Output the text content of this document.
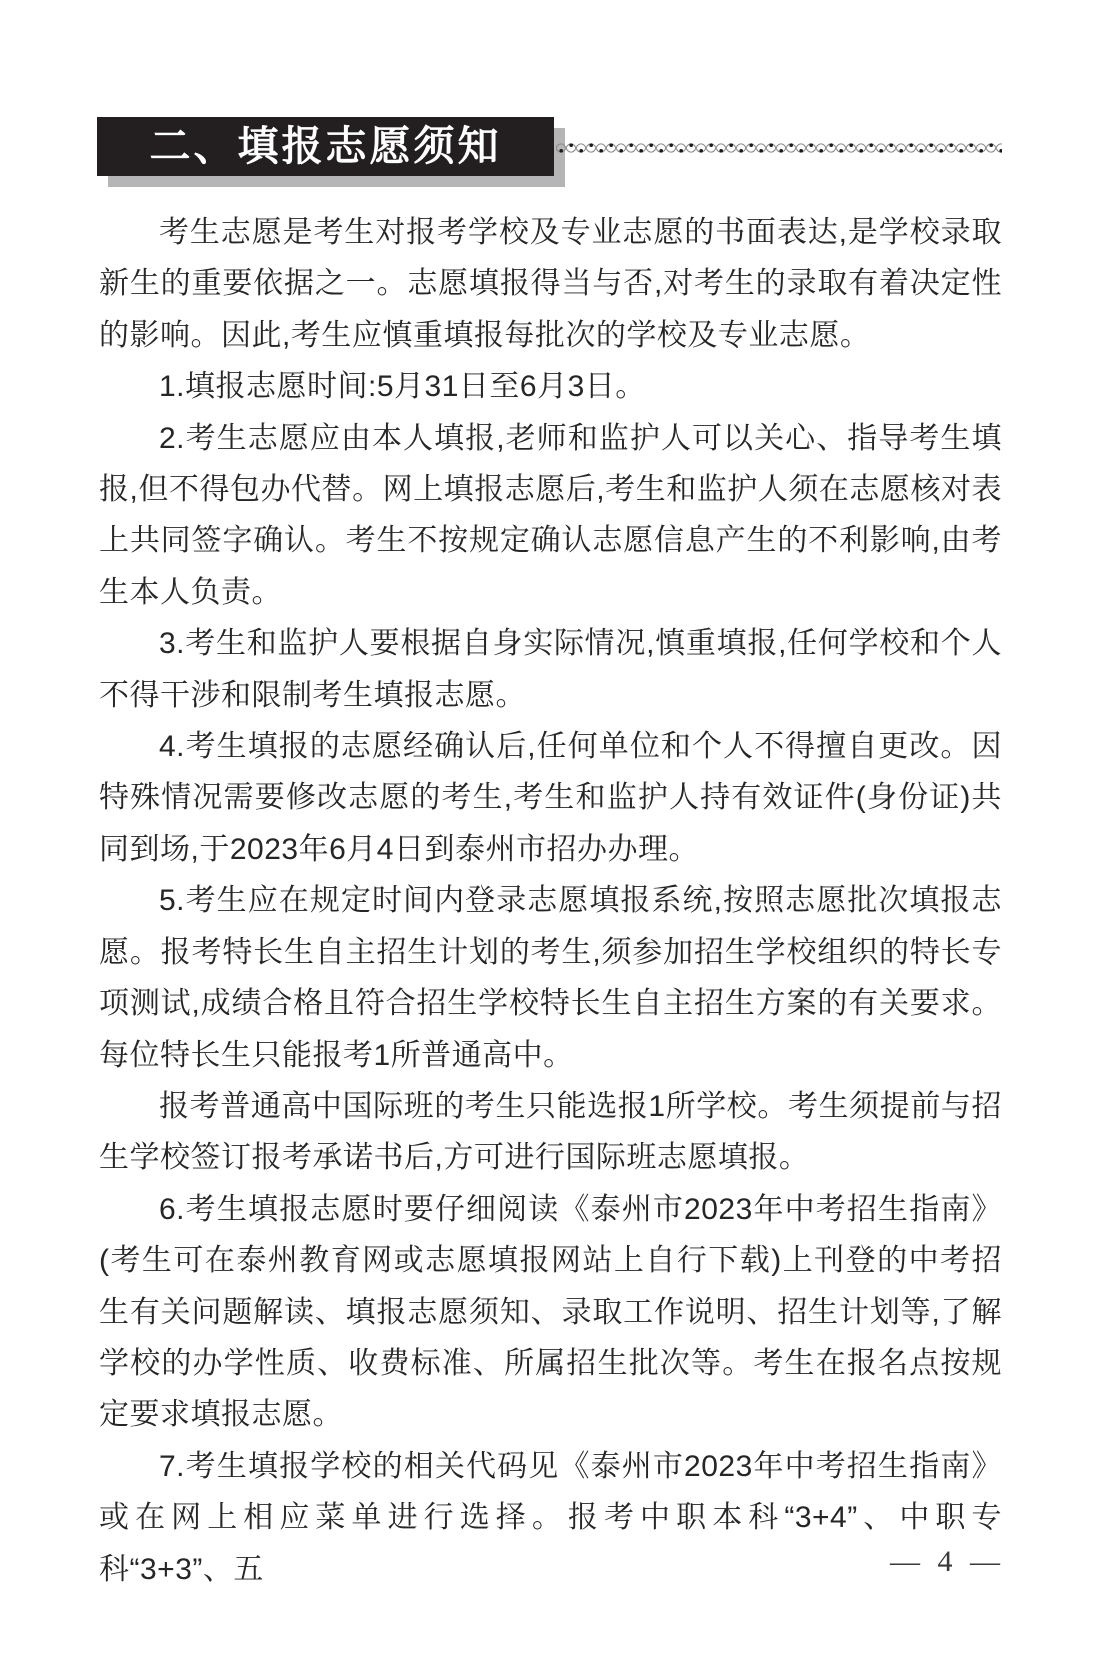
二、填报志愿须知

考生志愿是考生对报考学校及专业志愿的书面表达,是学校录取新生的重要依据之一。志愿填报得当与否,对考生的录取有着决定性的影响。因此,考生应慎重填报每批次的学校及专业志愿。

1.填报志愿时间:5月31日至6月3日。

2.考生志愿应由本人填报,老师和监护人可以关心、指导考生填报,但不得包办代替。网上填报志愿后,考生和监护人须在志愿核对表上共同签字确认。考生不按规定确认志愿信息产生的不利影响,由考生本人负责。

3.考生和监护人要根据自身实际情况,慎重填报,任何学校和个人不得干涉和限制考生填报志愿。

4.考生填报的志愿经确认后,任何单位和个人不得擅自更改。因特殊情况需要修改志愿的考生,考生和监护人持有效证件(身份证)共同到场,于2023年6月4日到泰州市招办办理。

5.考生应在规定时间内登录志愿填报系统,按照志愿批次填报志愿。报考特长生自主招生计划的考生,须参加招生学校组织的特长专项测试,成绩合格且符合招生学校特长生自主招生方案的有关要求。每位特长生只能报考1所普通高中。

报考普通高中国际班的考生只能选报1所学校。考生须提前与招生学校签订报考承诺书后,方可进行国际班志愿填报。

6.考生填报志愿时要仔细阅读《泰州市2023年中考招生指南》(考生可在泰州教育网或志愿填报网站上自行下载)上刊登的中考招生有关问题解读、填报志愿须知、录取工作说明、招生计划等,了解学校的办学性质、收费标准、所属招生批次等。考生在报名点按规定要求填报志愿。

7.考生填报学校的相关代码见《泰州市2023年中考招生指南》或在网上相应菜单进行选择。报考中职本科“3+4”、中职专科“3+3”、五	— 4 —
